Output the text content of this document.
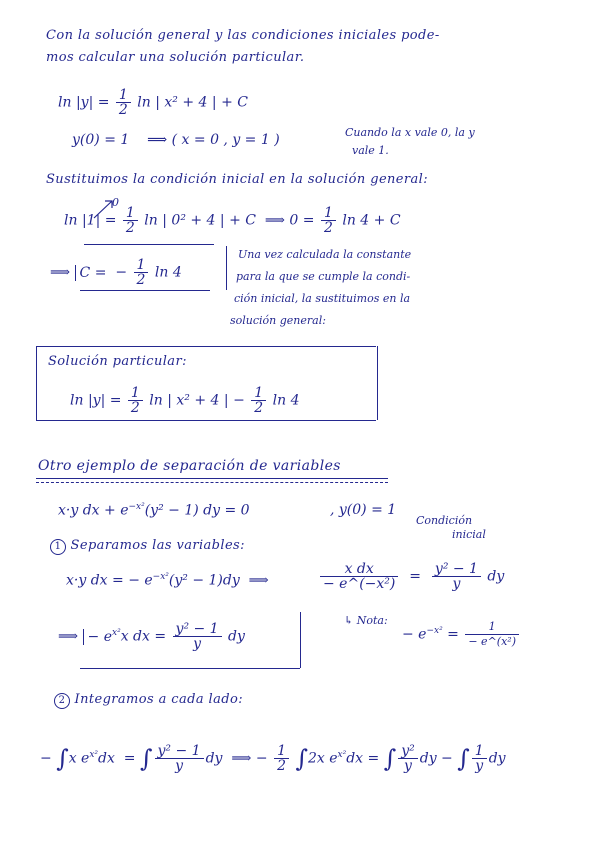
Con la solución general y las condiciones iniciales pode-
mos calcular una solución particular.
$\ln |y| = \frac{1}{2}$ ln | x² + 4 | + C
y(0) = 1 ⟹ ( x = 0 , y = 1 )	Cuando la x vale 0, la y
vale 1.
Sustituimos la condición inicial en la solución general:
0
$\ln |1| = \frac{1}{2}$ ln | 0² + 4 | + C ⟹ $0 = \frac{1}{2}$ ln 4 + C
⟹ C = − $\frac{1}{2}$ ln 4
Una vez calculada la constante
para la que se cumple la condi-
ción inicial, la sustituimos en la
solución general:
Solución particular:
$\ln |y| = \frac{1}{2}$ ln | x² + 4 | − $\frac{1}{2}$ ln 4
Otro ejemplo de separación de variables
x·y dx + $e^{-x^2}(y^2 - 1)$ dy = 0	, y(0) = 1
Condición
inicial
1 Separamos las variables:
x·y dx = − $e^{-x^2}(y^2 - 1)dy$ ⟹	$\frac{\text{x dx}}{\text{− e\textasciicircum{}(−x²)}} = \frac{\text{y² − 1}}{y}$ dy
⟹ − $e^{x^2}x$ dx = $\frac{\text{y² − 1}}{y}$ dy
↳ Nota:
− $e^{-x^2} = \frac{1}{\text{− e\textasciicircum{}(x²)}}$
2 Integramos a cada lado:
− ∫x $e^{x^2}dx$ = ∫ $\frac{\text{y² − 1}}{y}$ dy ⟹ − $\frac{1}{2} \int 2x$ $e^{x^2}dx$ = ∫ $\frac{\text{y²}}{y}$ dy − ∫ $\frac{1}{y}$ dy
